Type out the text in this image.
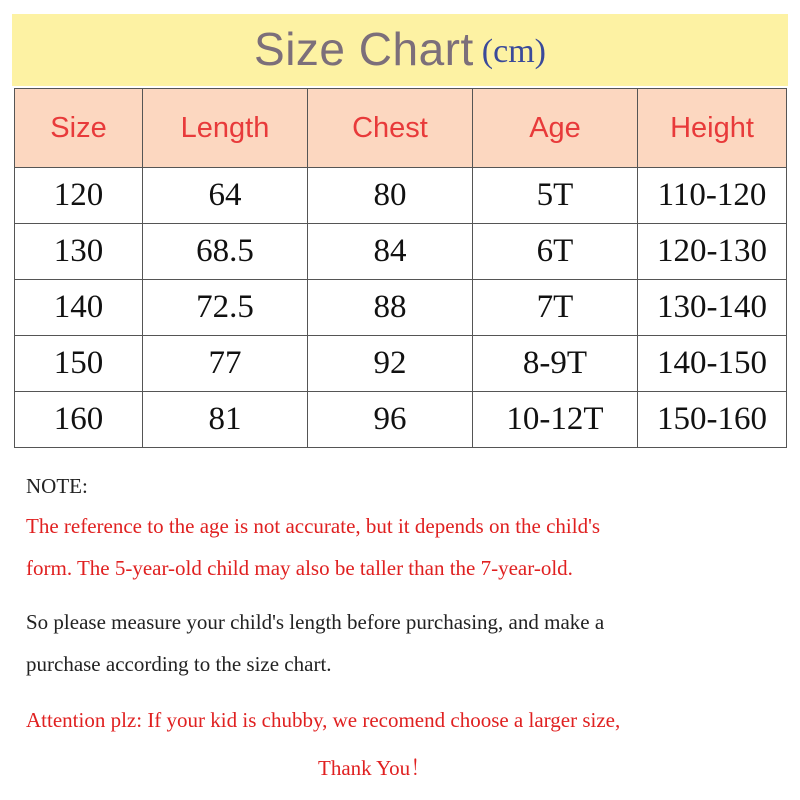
Size Chart (cm)
Size	Length	Chest	Age	Height
120	64	80	5T	110-120
130	68.5	84	6T	120-130
140	72.5	88	7T	130-140
150	77	92	8-9T	140-150
160	81	96	10-12T	150-160
NOTE:
The reference to the age is not accurate, but it depends on the child's
form. The 5-year-old child may also be taller than the 7-year-old.
So please measure your child's length before purchasing, and make a
purchase according to the size chart.
Attention plz: If your kid is chubby, we recomend choose a larger size,
Thank You！
